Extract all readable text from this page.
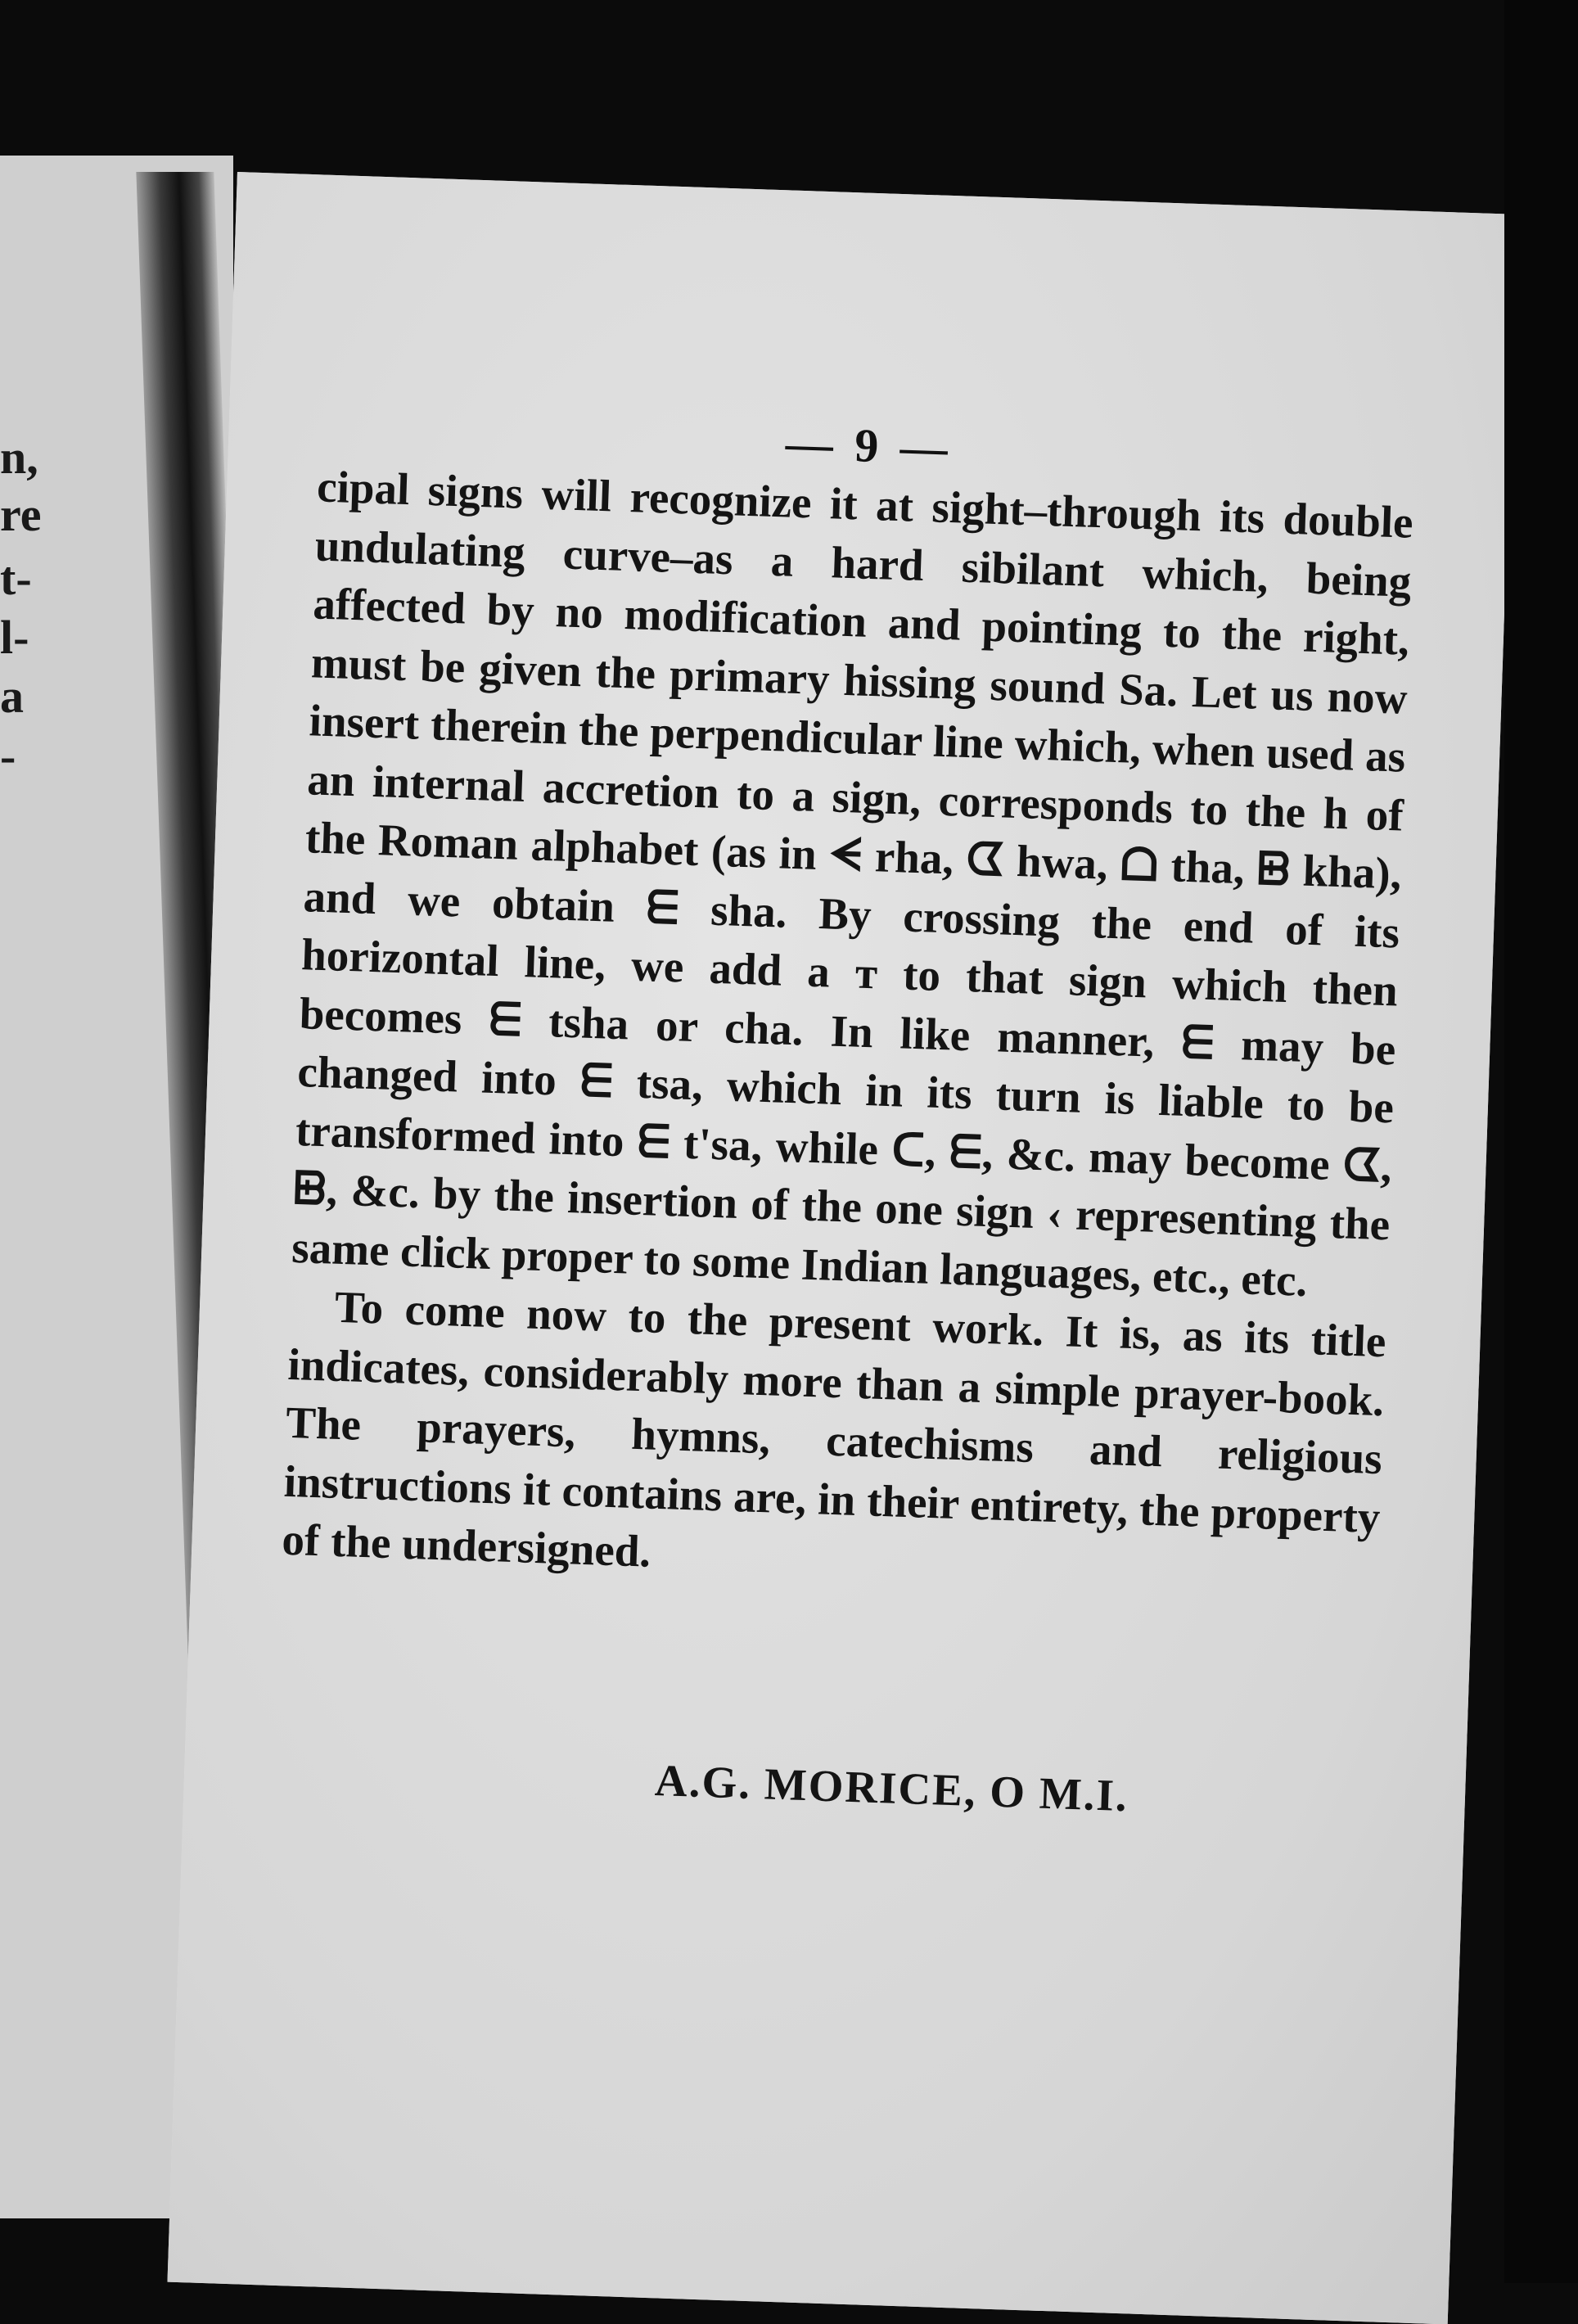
n,
re
t-
l-
a
-
— 9 —

cipal signs will recognize it at sight–through its double undulating curve–as a hard sibilant which, being affected by no modification and pointing to the right, must be given the primary hissing sound Sa. Let us now insert therein the perpendicular line which, when used as an internal accretion to a sign, corresponds to the h of the Roman alphabet (as in ᗕ rha, ᗧ hwa, ᗝ tha, ᗸ kha), and we obtain ᗴ sha. By crossing the end of its horizontal line, we add a ᴛ to that sign which then becomes ᗴ tsha or cha. In like manner, ᗴ may be changed into ᗴ tsa, which in its turn is liable to be transformed into ᗴ t'sa, while ᑕ, ᗴ, &c. may become ᗧ, ᗸ, &c. by the insertion of the one sign ‹ representing the same click proper to some Indian languages, etc., etc.

To come now to the present work. It is, as its title indicates, considerably more than a simple prayer-book. The prayers, hymns, catechisms and religious instructions it contains are, in their entirety, the property of the undersigned.

A.G. MORICE, O M.I.
